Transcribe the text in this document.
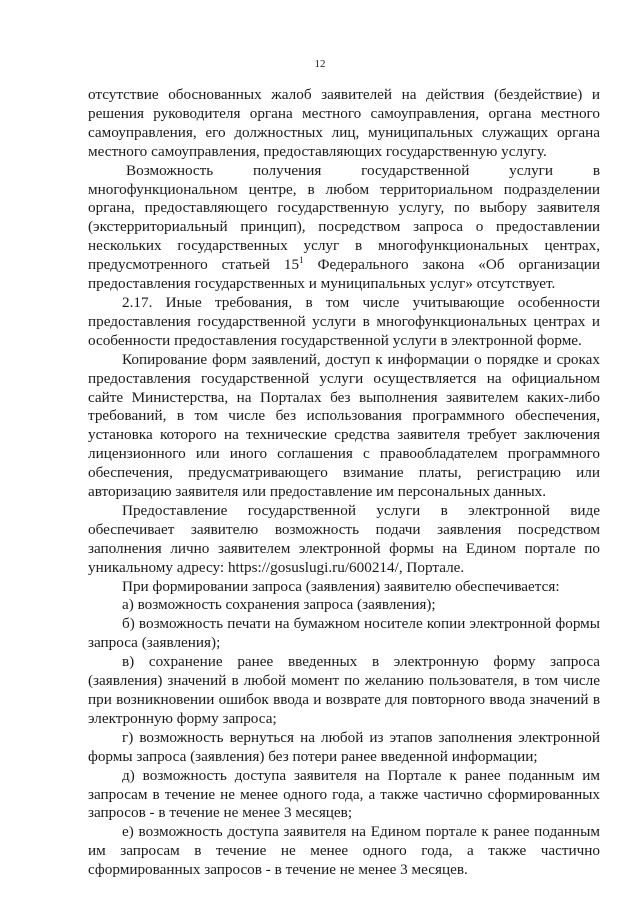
12

отсутствие обоснованных жалоб заявителей на действия (бездействие) и решения руководителя органа местного самоуправления, органа местного самоуправления, его должностных лиц, муниципальных служащих органа местного самоуправления, предоставляющих государственную услугу.

Возможность получения государственной услуги в многофункциональном центре, в любом территориальном подразделении органа, предоставляющего государственную услугу, по выбору заявителя (экстерриториальный принцип), посредством запроса о предоставлении нескольких государственных услуг в многофункциональных центрах, предусмотренного статьей $15^1$ Федерального закона «Об организации предоставления государственных и муниципальных услуг» отсутствует.

2.17. Иные требования, в том числе учитывающие особенности предоставления государственной услуги в многофункциональных центрах и особенности предоставления государственной услуги в электронной форме.

Копирование форм заявлений, доступ к информации о порядке и сроках предоставления государственной услуги осуществляется на официальном сайте Министерства, на Порталах без выполнения заявителем каких-либо требований, в том числе без использования программного обеспечения, установка которого на технические средства заявителя требует заключения лицензионного или иного соглашения с правообладателем программного обеспечения, предусматривающего взимание платы, регистрацию или авторизацию заявителя или предоставление им персональных данных.

Предоставление государственной услуги в электронной виде обеспечивает заявителю возможность подачи заявления посредством заполнения лично заявителем электронной формы на Едином портале по уникальному адресу: https://gosuslugi.ru/600214/, Портале.

При формировании запроса (заявления) заявителю обеспечивается:

а) возможность сохранения запроса (заявления);

б) возможность печати на бумажном носителе копии электронной формы запроса (заявления);

в) сохранение ранее введенных в электронную форму запроса (заявления) значений в любой момент по желанию пользователя, в том числе при возникновении ошибок ввода и возврате для повторного ввода значений в электронную форму запроса;

г) возможность вернуться на любой из этапов заполнения электронной формы запроса (заявления) без потери ранее введенной информации;

д) возможность доступа заявителя на Портале к ранее поданным им запросам в течение не менее одного года, а также частично сформированных запросов - в течение не менее 3 месяцев;

е) возможность доступа заявителя на Едином портале к ранее поданным им запросам в течение не менее одного года, а также частично сформированных запросов - в течение не менее 3 месяцев.
